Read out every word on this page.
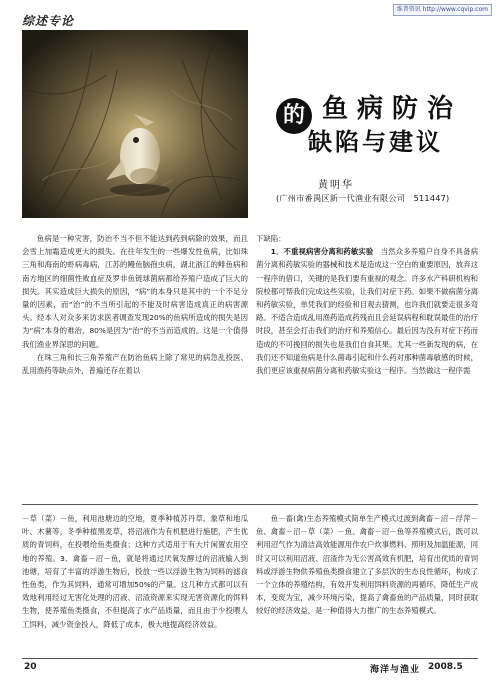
维普资讯 http://www.cqvip.com
综述专论
的 鱼病防治
缺陷与建议
黄明华
(广州市番禺区新一代渔业有限公司　511447)

鱼病是一种灾害，防治不当不但不能达到药到病除的效果，而且会雪上加霜造成更大的损失。在往年发生的一些爆发性鱼病，比如珠三角和海南的虾病毒病，江苏的鳗鱼脑孢虫病，湖北浙江的鲱鱼病和南方地区的细菌性败血症及罗非鱼链球菌病都给养殖户造成了巨大的损失。其实造成巨大损失的原因，“病”的本身只是其中的一个不足分量的因素，而“治”的不当所引起的不能及时病害造成真正的病害源头。经本人对众多来访求医者调查发现20%的鱼病所造成的损失是因为“病”本身的难治，80%是因为“治”的不当而造成的。这是一个值得我们渔业界深思的问题。

在珠三角和长三角养殖产在防治鱼病上除了常见的病急乱投医、乱用渔药等缺点外，普遍还存在着以

下缺陷：

1．不重视病害分离和药敏实验　 当然众多养殖户自身不具备病菌分离和药敏实验的器械和技术是造成这一空白的重要原因，放弃这一程序的借口，关键的是我们要有重视的观念。许多水产科研机构和院校都可帮我们完成这些实验，让我们对症下药。如果不做病菌分离和药敏实验，单凭我们的经验和目观去猜测，也许我们就要走很多弯路。不适合造成乱用渔药造成药残而且会延误病程和耽误最佳的治疗时段，甚至会打击我们的治疗和养殖信心。最后因为没有对症下药而造成的不可挽回的损失也是我们自食其果。尤其一些新发现的病，在我们还不知道鱼病是什么菌毒引起和什么药对那种菌毒敏感的时候，我们更应该重视病菌分离和药敏实验这一程序。当然做这一程序需

－草（菜）－鱼，利用池塘边的空地，夏季种植苏丹草、象草和地瓜叶、木薯等，冬季种植黑麦草，将沼液作为有机肥进行施肥，产生优质的青饲料，在投喂给鱼类摄食；这种方式适用于有大片闲置农用空地的养殖。3、禽畜－沼－鱼，就是将通过厌氧发酵过的沼液输入到池塘，培育了丰富的浮游生物后，投放一些以浮游生物为饲料的滤食性鱼类，作为其饲料，通常可增加50%的产量。这几种方式都可以有效地利用经过无害化处理的沼液、沼渣资源来实现无害资源化的饵料生物，使养殖鱼类摄食，不但提高了水产品质量，而且由于少投喂人工饵料，减少资金投入，降低了成本，极大地提高经济效益。

鱼－畜(禽)生态养殖模式简单生产模式过渡到禽畜－沼－浮萍－鱼、禽畜－沼－草（菜）－鱼、禽畜－沼－鱼等养殖模式后，既可以利用沼气作为清洁高效能源用作农户炊事燃料、照明及加温能源，同时又可以利用沼液、沼渣作为无公害高效有机肥，培育出优质的青饲料或浮游生物供养殖鱼类摄食建立了多层次的生态良性循环，构成了一个立体的养殖结构，有效开发利用饵料资源的再循环，降低生产成本，变废为宝，减少环境污染，提高了禽畜鱼的产品质量，同时获取较好的经济效益，是一种值得大力推广的生态养殖模式。

20	海洋与渔业 2008.5
